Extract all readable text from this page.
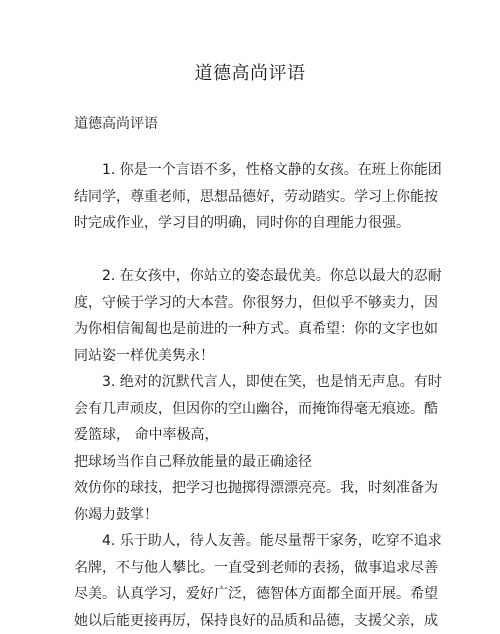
道德高尚评语
道德高尚评语
1. 你是一个言语不多，性格文静的女孩。在班上你能团
结同学，尊重老师，思想品德好，劳动踏实。学习上你能按
时完成作业，学习目的明确，同时你的自理能力很强。
2. 在女孩中，你站立的姿态最优美。你总以最大的忍耐
度，守候于学习的大本营。你很努力，但似乎不够卖力，因
为你相信匍匐也是前进的一种方式。真希望：你的文字也如
同站姿一样优美隽永！
3. 绝对的沉默代言人，即使在笑，也是悄无声息。有时
会有几声顽皮，但因你的空山幽谷，而掩饰得毫无痕迹。酷
爱篮球， 命中率极高，
把球场当作自己释放能量的最正确途径
效仿你的球技，把学习也抛掷得漂漂亮亮。我，时刻准备为
你竭力鼓掌！
4. 乐于助人，待人友善。能尽量帮干家务，吃穿不追求
名牌，不与他人攀比。一直受到老师的表扬，做事追求尽善
尽美。认真学习，爱好广泛，德智体方面都全面开展。希望
她以后能更接再厉，保持良好的品质和品德，支援父亲，成
